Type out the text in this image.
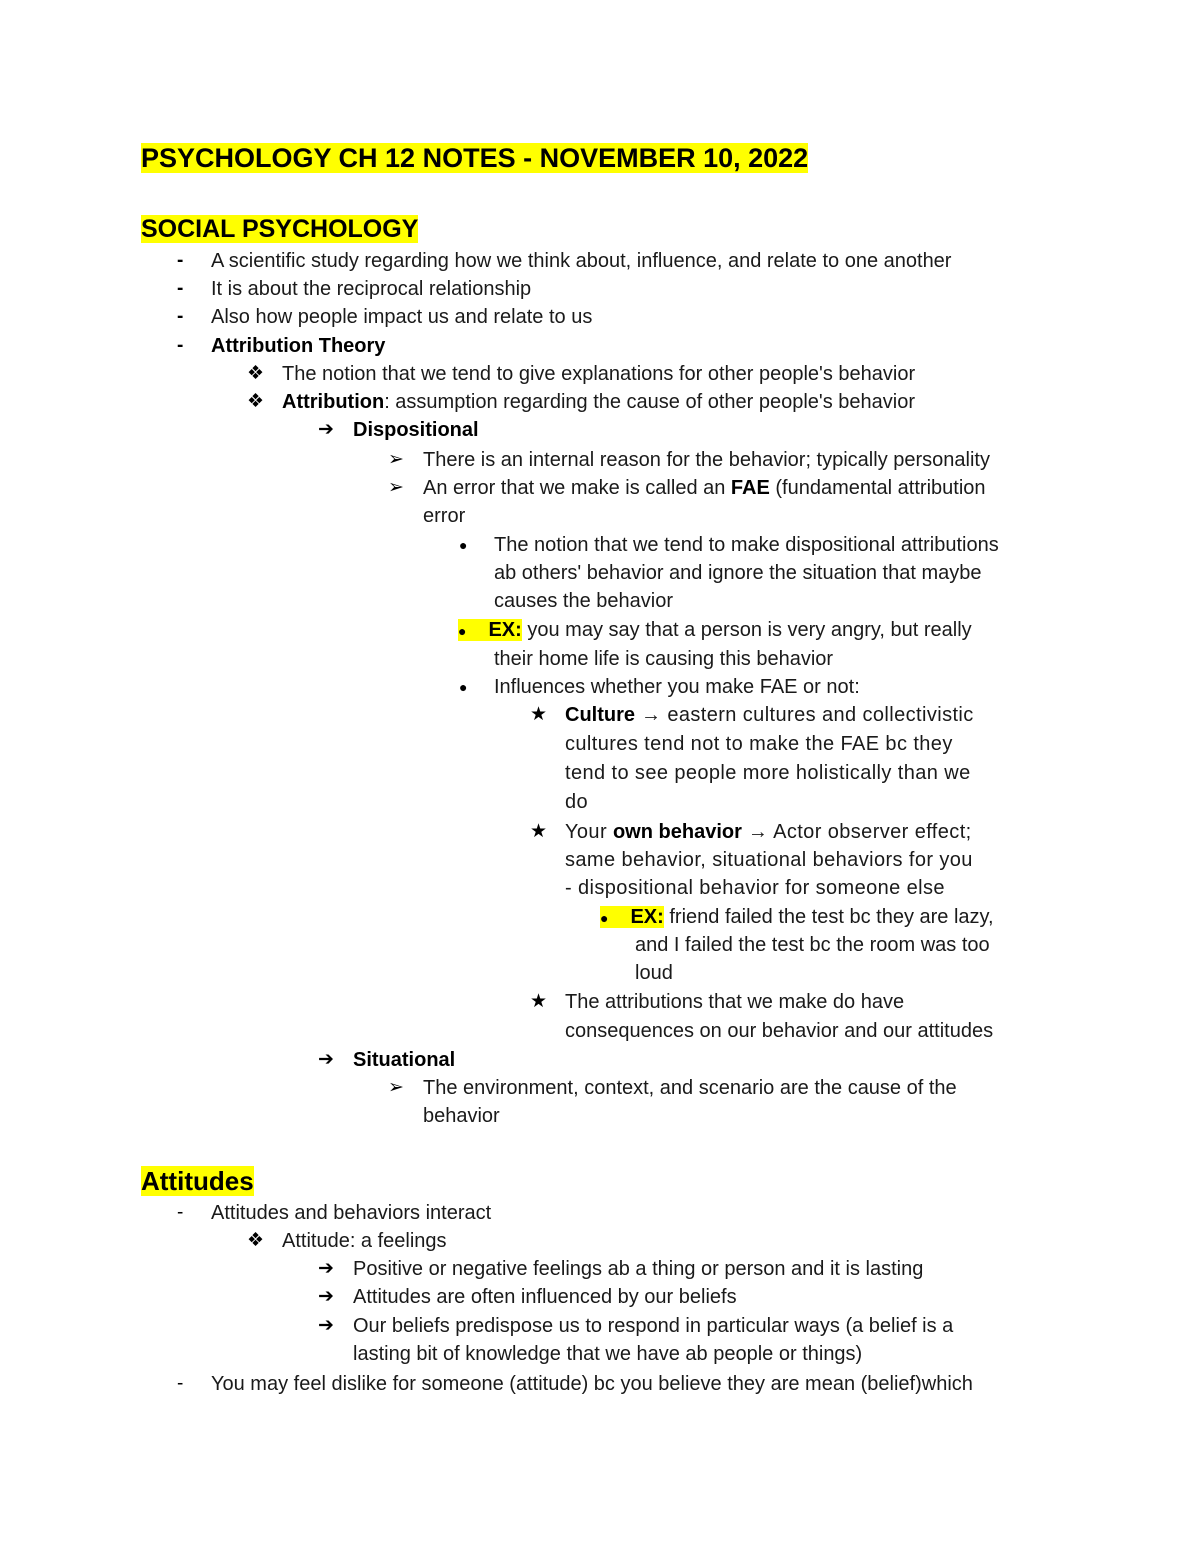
PSYCHOLOGY CH 12 NOTES - NOVEMBER 10, 2022
SOCIAL PSYCHOLOGY
- A scientific study regarding how we think about, influence, and relate to one another
- It is about the reciprocal relationship
- Also how people impact us and relate to us
- Attribution Theory
❖ The notion that we tend to give explanations for other people's behavior
❖ Attribution: assumption regarding the cause of other people's behavior
➔ Dispositional
➢ There is an internal reason for the behavior; typically personality
➢ An error that we make is called an FAE (fundamental attribution
error
● The notion that we tend to make dispositional attributions
ab others' behavior and ignore the situation that maybe
causes the behavior
● EX: you may say that a person is very angry, but really
their home life is causing this behavior
● Influences whether you make FAE or not:
★ Culture → eastern cultures and collectivistic
cultures tend not to make the FAE bc they
tend to see people more holistically than we
do
★ Your own behavior → Actor observer effect;
same behavior, situational behaviors for you
- dispositional behavior for someone else
● EX: friend failed the test bc they are lazy,
and I failed the test bc the room was too
loud
★ The attributions that we make do have
consequences on our behavior and our attitudes
➔ Situational
➢ The environment, context, and scenario are the cause of the
behavior
Attitudes
- Attitudes and behaviors interact
❖ Attitude: a feelings
➔ Positive or negative feelings ab a thing or person and it is lasting
➔ Attitudes are often influenced by our beliefs
➔ Our beliefs predispose us to respond in particular ways (a belief is a
lasting bit of knowledge that we have ab people or things)
- You may feel dislike for someone (attitude) bc you believe they are mean (belief)which
